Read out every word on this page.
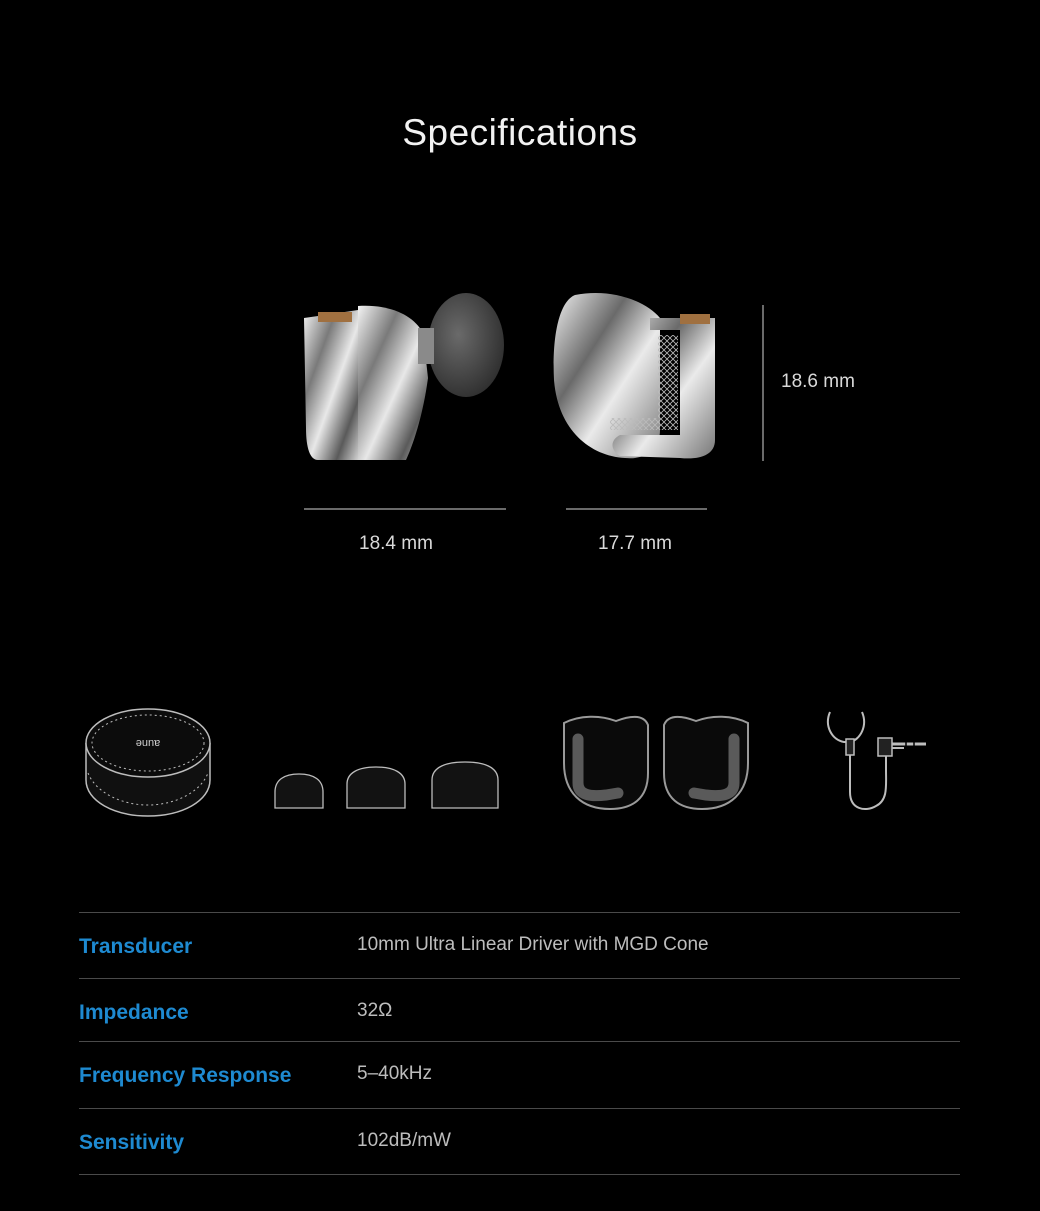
Specifications
18.4 mm	17.7 mm
18.6 mm
aune
Transducer	10mm Ultra Linear Driver with MGD Cone
Impedance	32Ω
Frequency Response	5–40kHz
Sensitivity	102dB/mW
